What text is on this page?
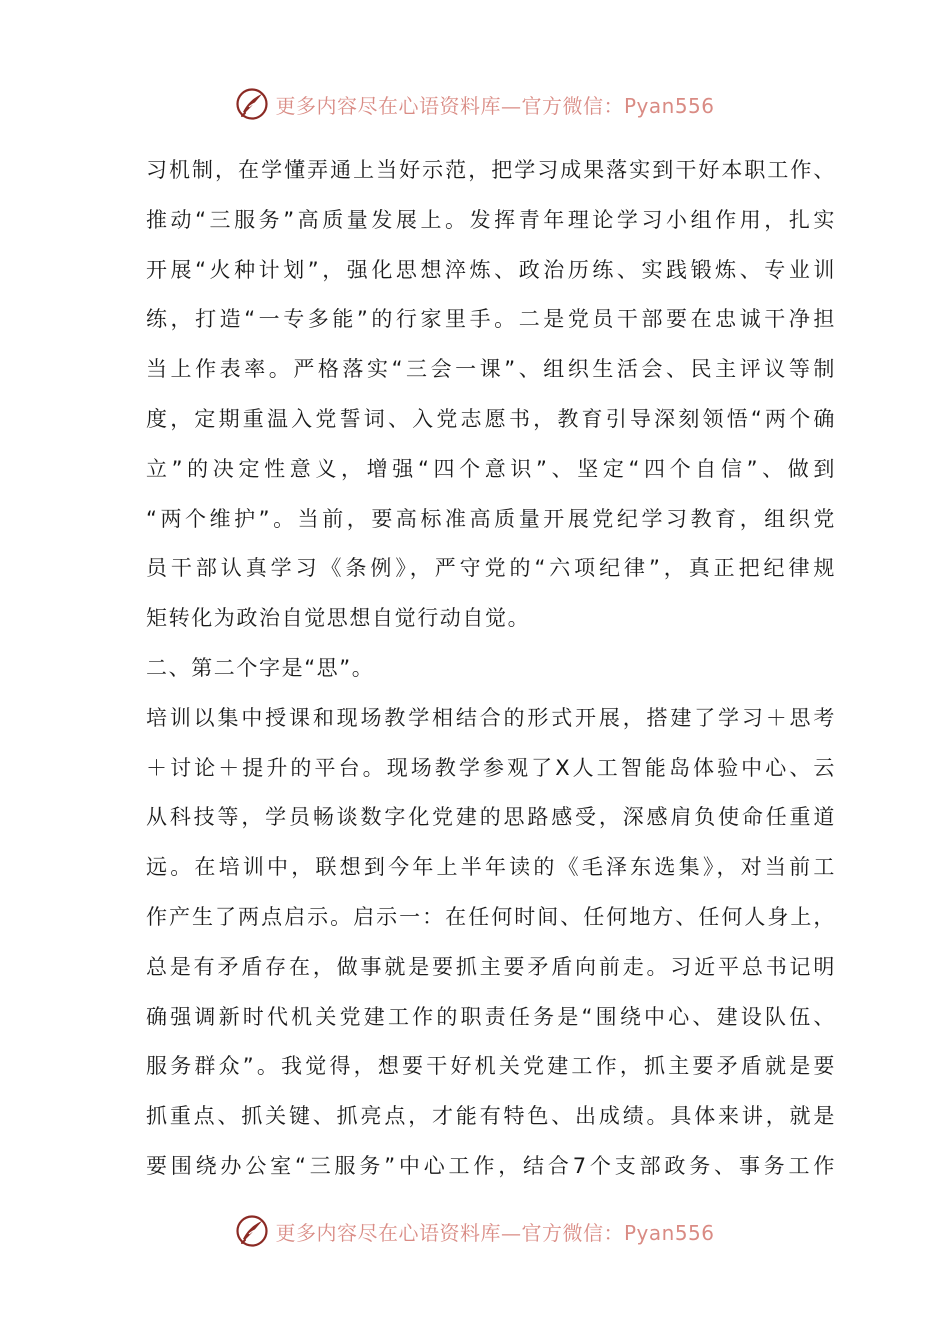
更多内容尽在心语资料库—官方微信：Pyan556
习机制，在学懂弄通上当好示范，把学习成果落实到干好本职工作、
推动“三服务”高质量发展上。发挥青年理论学习小组作用，扎实
开展“火种计划”，强化思想淬炼、政治历练、实践锻炼、专业训
练，打造“一专多能”的行家里手。二是党员干部要在忠诚干净担
当上作表率。严格落实“三会一课”、组织生活会、民主评议等制
度，定期重温入党誓词、入党志愿书，教育引导深刻领悟“两个确
立”的决定性意义，增强“四个意识”、坚定“四个自信”、做到
“两个维护”。当前，要高标准高质量开展党纪学习教育，组织党
员干部认真学习《条例》，严守党的“六项纪律”，真正把纪律规
矩转化为政治自觉思想自觉行动自觉。
二、第二个字是“思”。
培训以集中授课和现场教学相结合的形式开展，搭建了学习＋思考
＋讨论＋提升的平台。现场教学参观了X人工智能岛体验中心、云
从科技等，学员畅谈数字化党建的思路感受，深感肩负使命任重道
远。在培训中，联想到今年上半年读的《毛泽东选集》，对当前工
作产生了两点启示。启示一：在任何时间、任何地方、任何人身上，
总是有矛盾存在，做事就是要抓主要矛盾向前走。习近平总书记明
确强调新时代机关党建工作的职责任务是“围绕中心、建设队伍、
服务群众”。我觉得，想要干好机关党建工作，抓主要矛盾就是要
抓重点、抓关键、抓亮点，才能有特色、出成绩。具体来讲，就是
要围绕办公室“三服务”中心工作，结合7个支部政务、事务工作
更多内容尽在心语资料库—官方微信：Pyan556
